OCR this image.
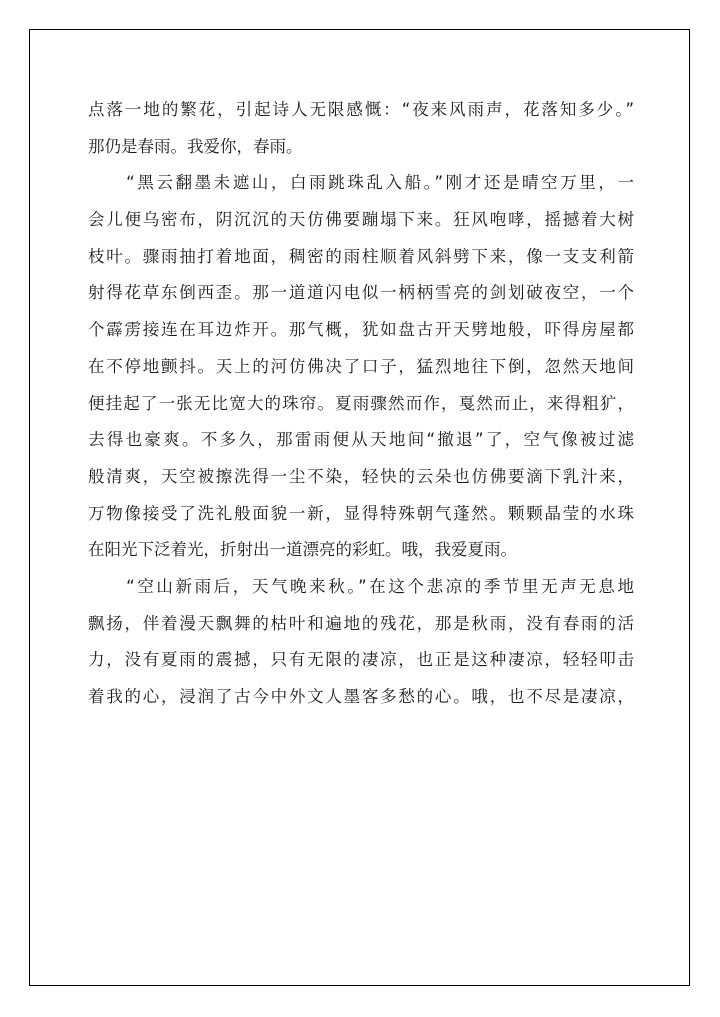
点落一地的繁花，引起诗人无限感慨：“夜来风雨声，花落知多少。”
那仍是春雨。我爱你，春雨。
　　“黑云翻墨未遮山，白雨跳珠乱入船。”刚才还是晴空万里，一
会儿便乌密布，阴沉沉的天仿佛要蹦塌下来。狂风咆哮，摇撼着大树
枝叶。骤雨抽打着地面，稠密的雨柱顺着风斜劈下来，像一支支利箭
射得花草东倒西歪。那一道道闪电似一柄柄雪亮的剑划破夜空，一个
个霹雳接连在耳边炸开。那气概，犹如盘古开天劈地般，吓得房屋都
在不停地颤抖。天上的河仿佛决了口子，猛烈地往下倒，忽然天地间
便挂起了一张无比宽大的珠帘。夏雨骤然而作，戛然而止，来得粗犷，
去得也豪爽。不多久，那雷雨便从天地间“撤退”了，空气像被过滤
般清爽，天空被擦洗得一尘不染，轻快的云朵也仿佛要滴下乳汁来，
万物像接受了洗礼般面貌一新，显得特殊朝气蓬然。颗颗晶莹的水珠
在阳光下泛着光，折射出一道漂亮的彩虹。哦，我爱夏雨。
　　“空山新雨后，天气晚来秋。”在这个悲凉的季节里无声无息地
飘扬，伴着漫天飘舞的枯叶和遍地的残花，那是秋雨，没有春雨的活
力，没有夏雨的震撼，只有无限的凄凉，也正是这种凄凉，轻轻叩击
着我的心，浸润了古今中外文人墨客多愁的心。哦，也不尽是凄凉，
